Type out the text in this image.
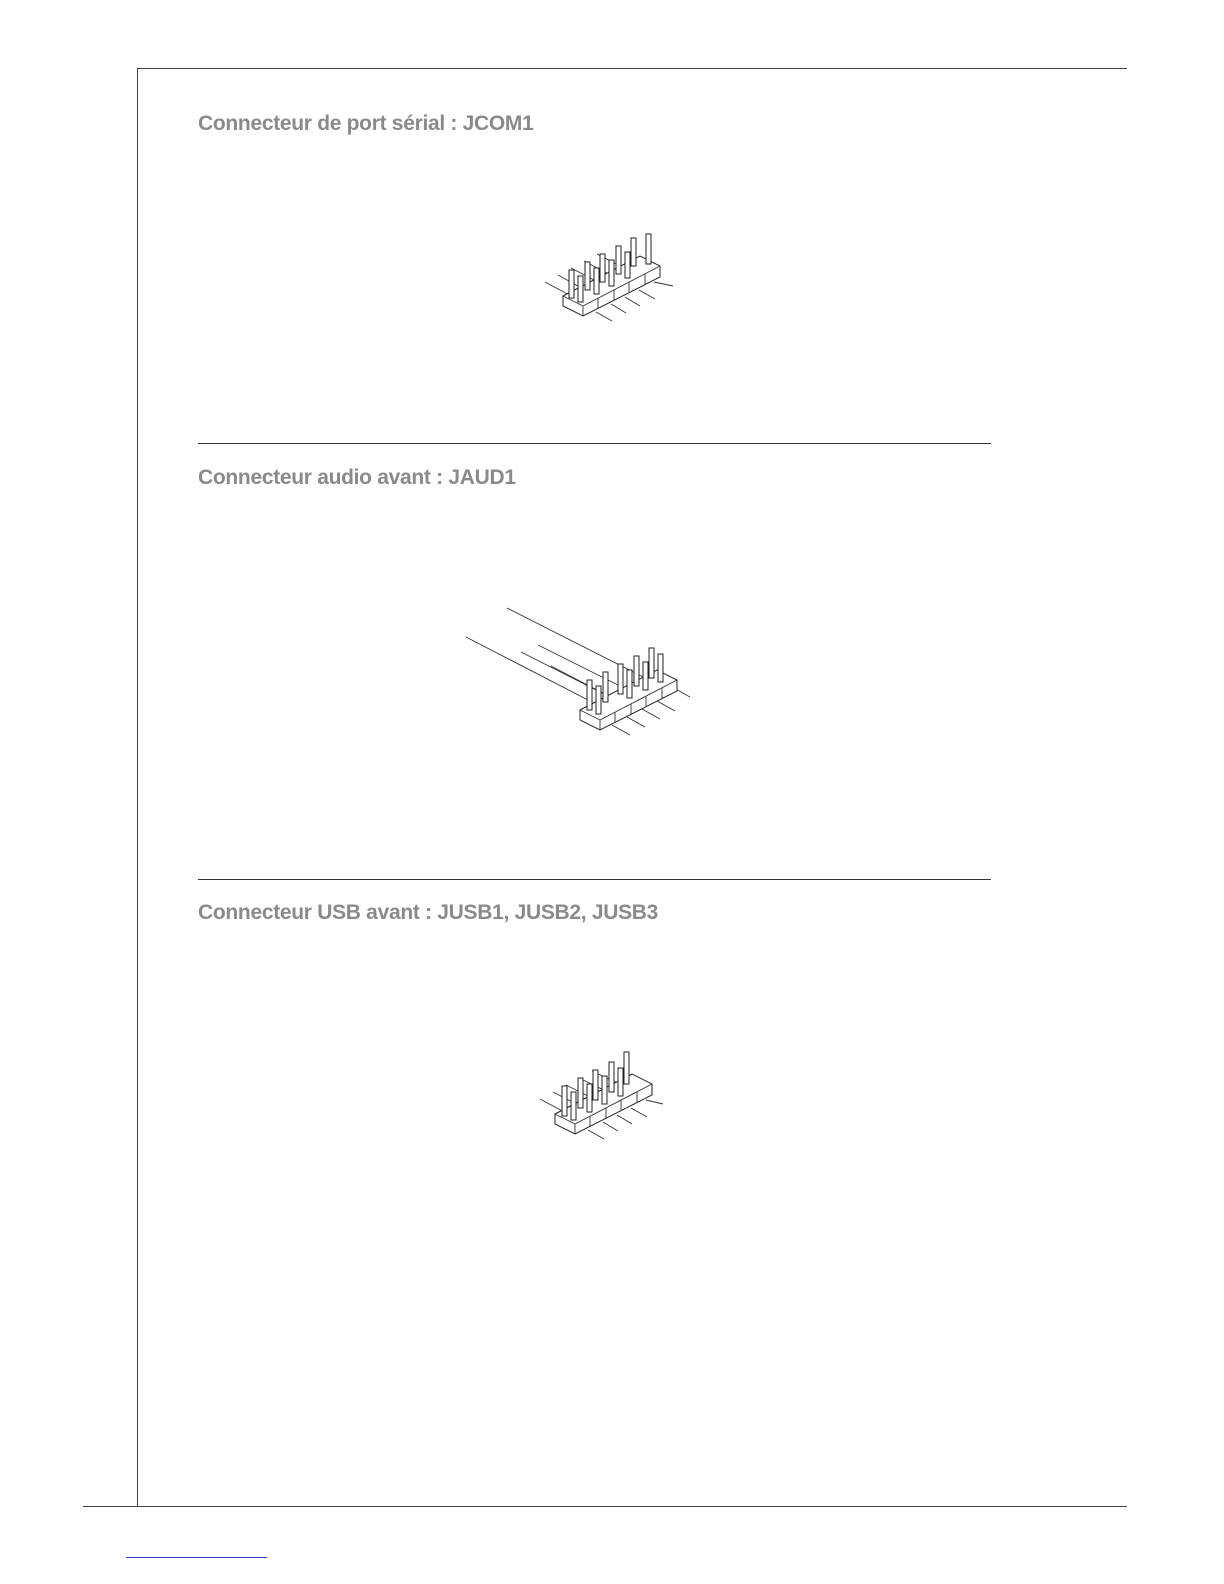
Connecteur de port sérial : JCOM1
Connecteur audio avant : JAUD1
Connecteur USB avant : JUSB1, JUSB2, JUSB3
